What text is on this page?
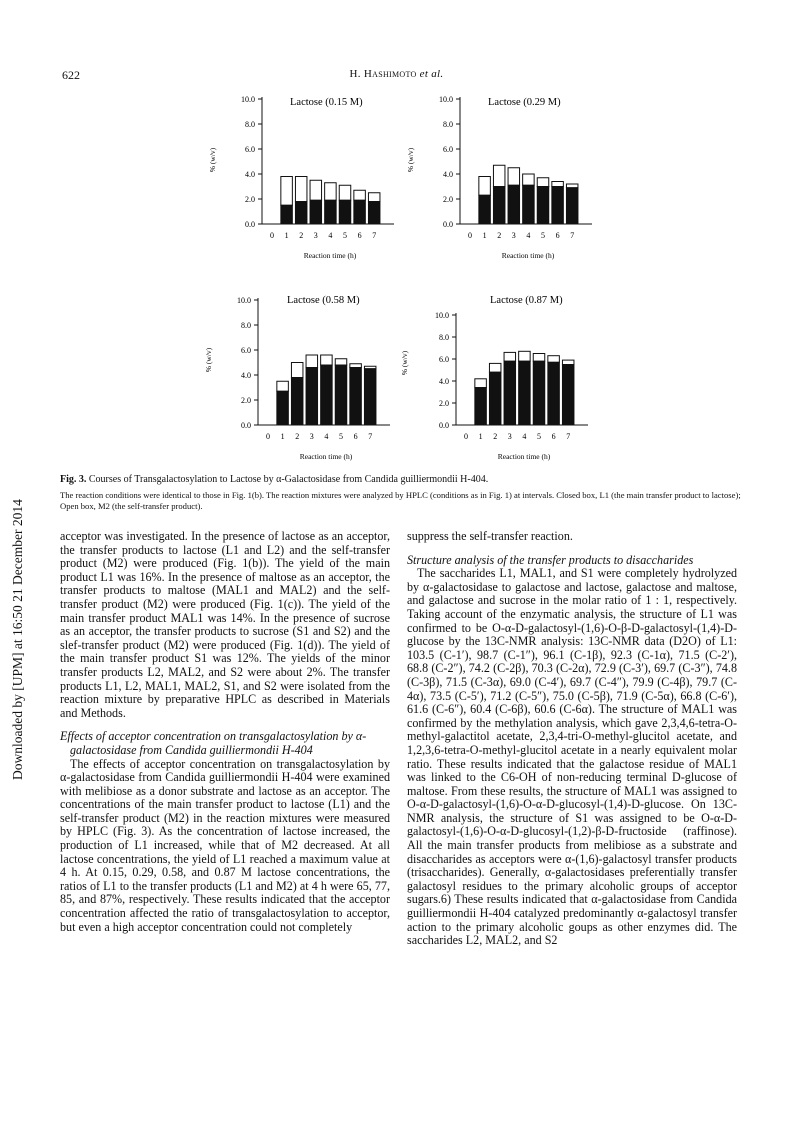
622	H. Hashimoto et al.
Downloaded by [UPM] at 16:50 21 December 2014
Lactose (0.15 M)
0.0
2.0
4.0
6.0
8.0
10.0
% (w/v)
0 1 2 3 4 5 6 7
Reaction time (h)
Lactose (0.29 M)
0.0
2.0
4.0
6.0
8.0
10.0
% (w/v)
0 1 2 3 4 5 6 7
Reaction time (h)
Lactose (0.58 M)
0.0
2.0
4.0
6.0
8.0
10.0
% (w/v)
0 1 2 3 4 5 6 7
Reaction time (h)
Lactose (0.87 M)
0.0
2.0
4.0
6.0
8.0
10.0
% (w/v)
0 1 2 3 4 5 6 7
Reaction time (h)
Fig. 3. Courses of Transgalactosylation to Lactose by α-Galactosidase from Candida guilliermondii H-404.
The reaction conditions were identical to those in Fig. 1(b). The reaction mixtures were analyzed by HPLC (conditions as in Fig. 1) at intervals. Closed box, L1 (the main transfer product to lactose); Open box, M2 (the self-transfer product).

acceptor was investigated. In the presence of lactose as an acceptor, the transfer products to lactose (L1 and L2) and the self-transfer product (M2) were produced (Fig. 1(b)). The yield of the main product L1 was 16%. In the presence of maltose as an acceptor, the transfer products to maltose (MAL1 and MAL2) and the self-transfer product (M2) were produced (Fig. 1(c)). The yield of the main transfer product MAL1 was 14%. In the presence of sucrose as an acceptor, the transfer products to sucrose (S1 and S2) and the slef-transfer product (M2) were produced (Fig. 1(d)). The yield of the main transfer product S1 was 12%. The yields of the minor transfer products L2, MAL2, and S2 were about 2%. The transfer products L1, L2, MAL1, MAL2, S1, and S2 were isolated from the reaction mixture by preparative HPLC as described in Materials and Methods.

Effects of acceptor concentration on transgalactosylation by α-galactosidase from Candida guilliermondii H-404

The effects of acceptor concentration on transgalactosylation by α-galactosidase from Candida guilliermondii H-404 were examined with melibiose as a donor substrate and lactose as an acceptor. The concentrations of the main transfer product to lactose (L1) and the self-transfer product (M2) in the reaction mixtures were measured by HPLC (Fig. 3). As the concentration of lactose increased, the production of L1 increased, while that of M2 decreased. At all lactose concentrations, the yield of L1 reached a maximum value at 4 h. At 0.15, 0.29, 0.58, and 0.87 M lactose concentrations, the ratios of L1 to the transfer products (L1 and M2) at 4 h were 65, 77, 85, and 87%, respectively. These results indicated that the acceptor concentration affected the ratio of transgalactosylation to acceptor, but even a high acceptor concentration could not completely

suppress the self-transfer reaction.

Structure analysis of the transfer products to disaccharides

The saccharides L1, MAL1, and S1 were completely hydrolyzed by α-galactosidase to galactose and lactose, galactose and maltose, and galactose and sucrose in the molar ratio of 1 : 1, respectively. Taking account of the enzymatic analysis, the structure of L1 was confirmed to be O-α-D-galactosyl-(1,6)-O-β-D-galactosyl-(1,4)-D-glucose by the 13C-NMR analysis: 13C-NMR data (D2O) of L1: 103.5 (C-1′), 98.7 (C-1″), 96.1 (C-1β), 92.3 (C-1α), 71.5 (C-2′), 68.8 (C-2″), 74.2 (C-2β), 70.3 (C-2α), 72.9 (C-3′), 69.7 (C-3″), 74.8 (C-3β), 71.5 (C-3α), 69.0 (C-4′), 69.7 (C-4″), 79.9 (C-4β), 79.7 (C-4α), 73.5 (C-5′), 71.2 (C-5″), 75.0 (C-5β), 71.9 (C-5α), 66.8 (C-6′), 61.6 (C-6″), 60.4 (C-6β), 60.6 (C-6α). The structure of MAL1 was confirmed by the methylation analysis, which gave 2,3,4,6-tetra-O-methyl-galactitol acetate, 2,3,4-tri-O-methyl-glucitol acetate, and 1,2,3,6-tetra-O-methyl-glucitol acetate in a nearly equivalent molar ratio. These results indicated that the galactose residue of MAL1 was linked to the C6-OH of non-reducing terminal D-glucose of maltose. From these results, the structure of MAL1 was assigned to O-α-D-galactosyl-(1,6)-O-α-D-glucosyl-(1,4)-D-glucose. On 13C-NMR analysis, the structure of S1 was assigned to be O-α-D-galactosyl-(1,6)-O-α-D-glucosyl-(1,2)-β-D-fructoside (raffinose). All the main transfer products from melibiose as a substrate and disaccharides as acceptors were α-(1,6)-galactosyl transfer products (trisaccharides). Generally, α-galactosidases preferentially transfer galactosyl residues to the primary alcoholic groups of acceptor sugars.6) These results indicated that α-galactosidase from Candida guilliermondii H-404 catalyzed predominantly α-galactosyl transfer action to the primary alcoholic goups as other enzymes did. The saccharides L2, MAL2, and S2
